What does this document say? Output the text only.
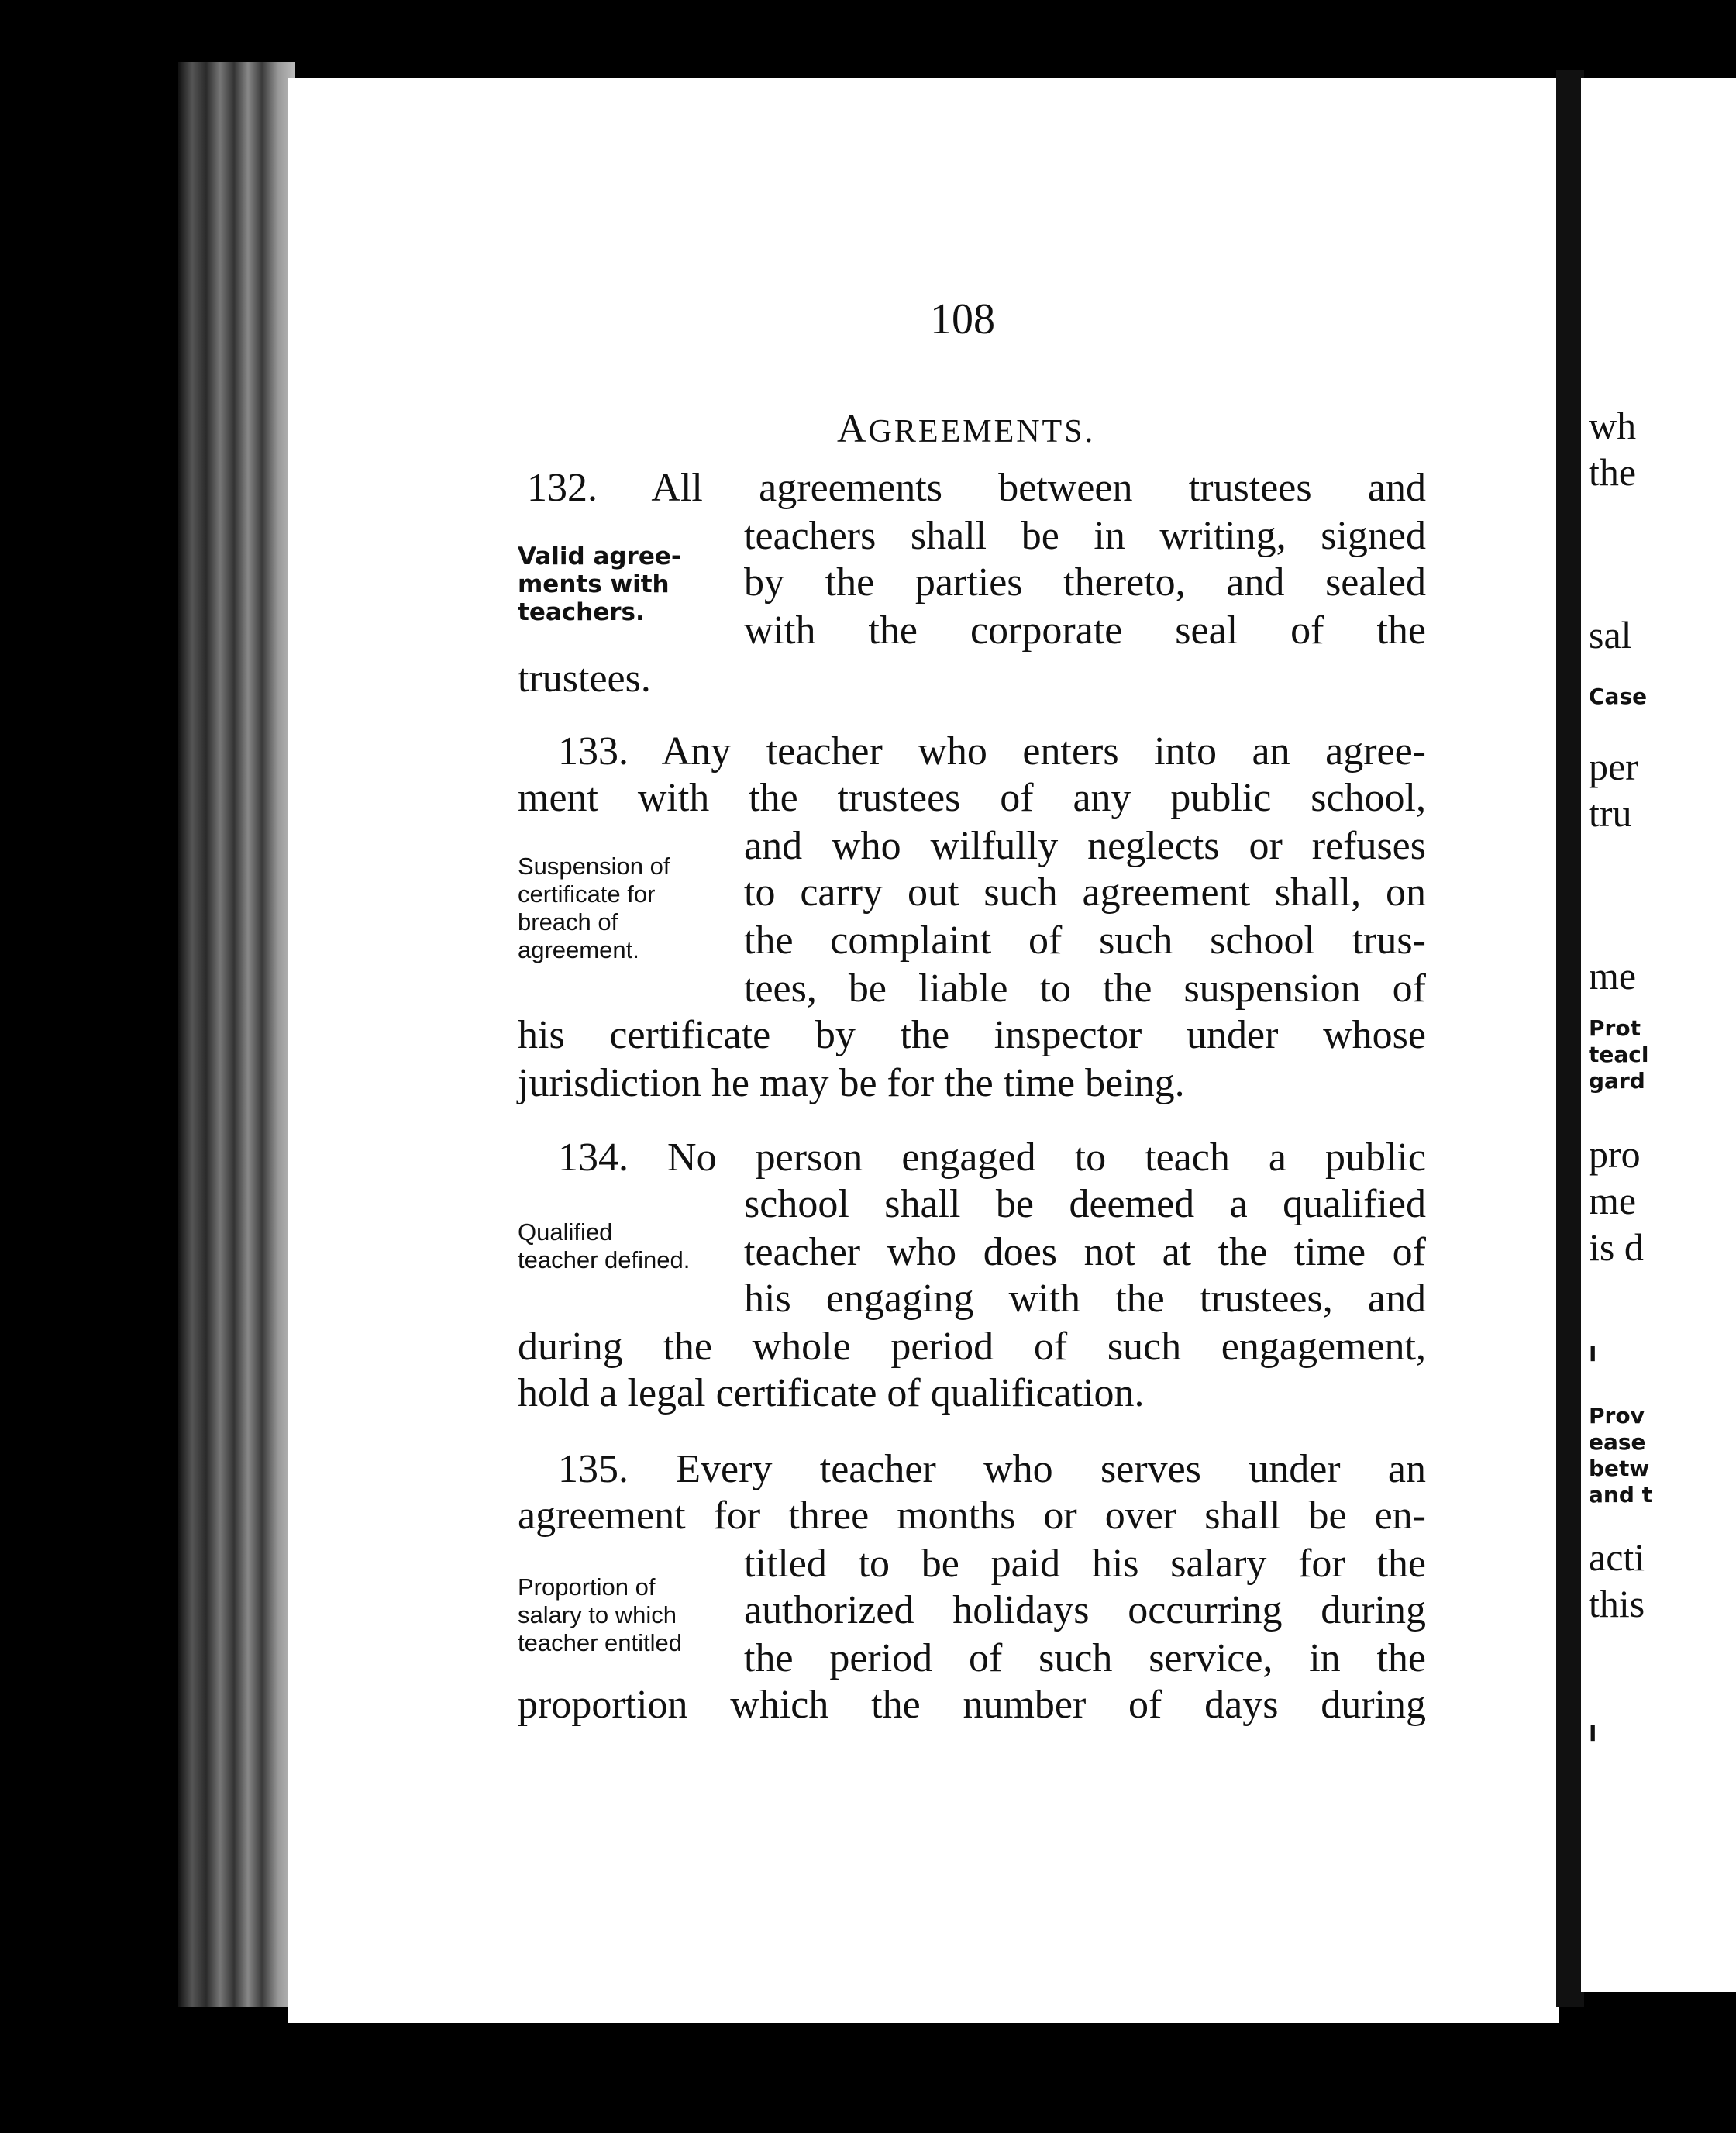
108
AGREEMENTS.
132. All agreements between trustees and
teachers shall be in writing, signed
by the parties thereto, and sealed
with the corporate seal of the
trustees.
Valid agree-
ments with
teachers.
133. Any teacher who enters into an agree-
ment with the trustees of any public school,
and who wilfully neglects or refuses
to carry out such agreement shall, on
the complaint of such school trus-
tees, be liable to the suspension of
his certificate by the inspector under whose
jurisdiction he may be for the time being.
Suspension of
certificate for
breach of
agreement.
134. No person engaged to teach a public
school shall be deemed a qualified
teacher who does not at the time of
his engaging with the trustees, and
during the whole period of such engagement,
hold a legal certificate of qualification.
Qualified
teacher defined.
135. Every teacher who serves under an
agreement for three months or over shall be en-
titled to be paid his salary for the
authorized holidays occurring during
the period of such service, in the
proportion which the number of days during
Proportion of
salary to which
teacher entitled
wh
the
sal
Case
per
tru
me
Prot
teacl
gard
pro
me
is d
I
Prov
ease
betw
and t
acti
this
I
